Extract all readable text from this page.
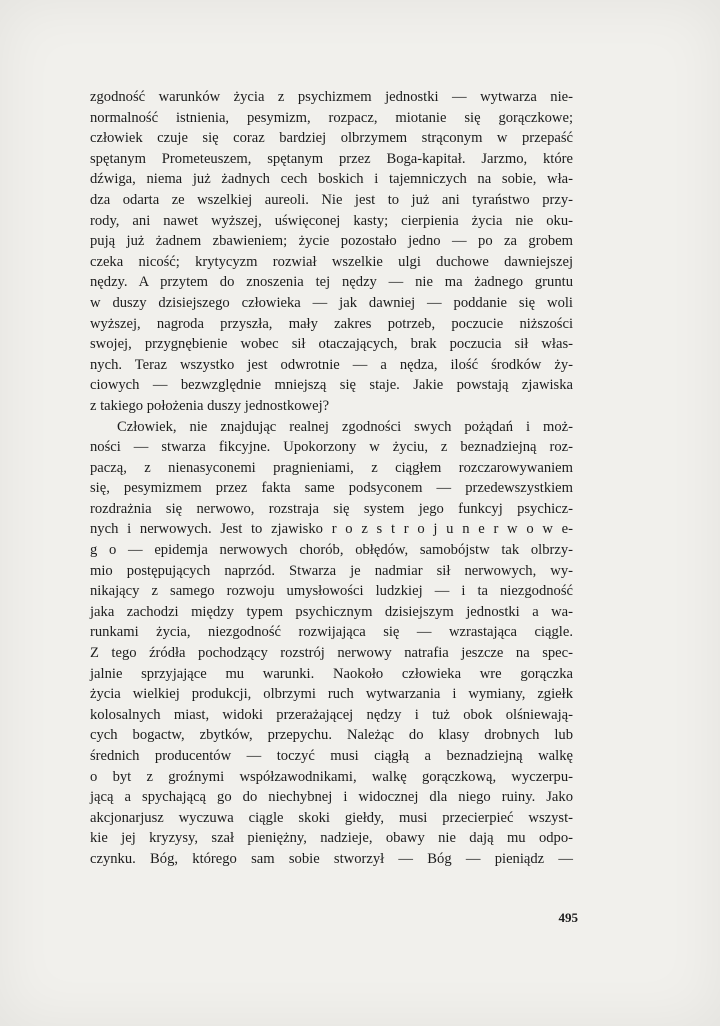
zgodność warunków życia z psychizmem jednostki — wytwarza nie-
normalność istnienia, pesymizm, rozpacz, miotanie się gorączkowe;
człowiek czuje się coraz bardziej olbrzymem strąconym w przepaść
spętanym Prometeuszem, spętanym przez Boga-kapitał. Jarzmo, które
dźwiga, niema już żadnych cech boskich i tajemniczych na sobie, wła-
dza odarta ze wszelkiej aureoli. Nie jest to już ani tyraństwo przy-
rody, ani nawet wyższej, uświęconej kasty; cierpienia życia nie oku-
pują już żadnem zbawieniem; życie pozostało jedno — po za grobem
czeka nicość; krytycyzm rozwiał wszelkie ulgi duchowe dawniejszej
nędzy. A przytem do znoszenia tej nędzy — nie ma żadnego gruntu
w duszy dzisiejszego człowieka — jak dawniej — poddanie się woli
wyższej, nagroda przyszła, mały zakres potrzeb, poczucie niższości
swojej, przygnębienie wobec sił otaczających, brak poczucia sił włas-
nych. Teraz wszystko jest odwrotnie — a nędza, ilość środków ży-
ciowych — bezwzględnie mniejszą się staje. Jakie powstają zjawiska
z takiego położenia duszy jednostkowej?
Człowiek, nie znajdując realnej zgodności swych pożądań i moż-
ności — stwarza fikcyjne. Upokorzony w życiu, z beznadziejną roz-
paczą, z nienasyconemi pragnieniami, z ciągłem rozczarowywaniem
się, pesymizmem przez fakta same podsyconem — przedewszystkiem
rozdrażnia się nerwowo, rozstraja się system jego funkcyj psychicz-
nych i nerwowych. Jest to zjawisko r o z s t r o j u n e r w o w e-
g o — epidemja nerwowych chorób, obłędów, samobójstw tak olbrzy-
mio postępujących naprzód. Stwarza je nadmiar sił nerwowych, wy-
nikający z samego rozwoju umysłowości ludzkiej — i ta niezgodność
jaka zachodzi między typem psychicznym dzisiejszym jednostki a wa-
runkami życia, niezgodność rozwijająca się — wzrastająca ciągle.
Z tego źródła pochodzący rozstrój nerwowy natrafia jeszcze na spec-
jalnie sprzyjające mu warunki. Naokoło człowieka wre gorączka
życia wielkiej produkcji, olbrzymi ruch wytwarzania i wymiany, zgiełk
kolosalnych miast, widoki przerażającej nędzy i tuż obok olśniewają-
cych bogactw, zbytków, przepychu. Należąc do klasy drobnych lub
średnich producentów — toczyć musi ciągłą a beznadziejną walkę
o byt z groźnymi współzawodnikami, walkę gorączkową, wyczerpu-
jącą a spychającą go do niechybnej i widocznej dla niego ruiny. Jako
akcjonarjusz wyczuwa ciągle skoki giełdy, musi przecierpieć wszyst-
kie jej kryzysy, szał pieniężny, nadzieje, obawy nie dają mu odpo-
czynku. Bóg, którego sam sobie stworzył — Bóg — pieniądz —
495
